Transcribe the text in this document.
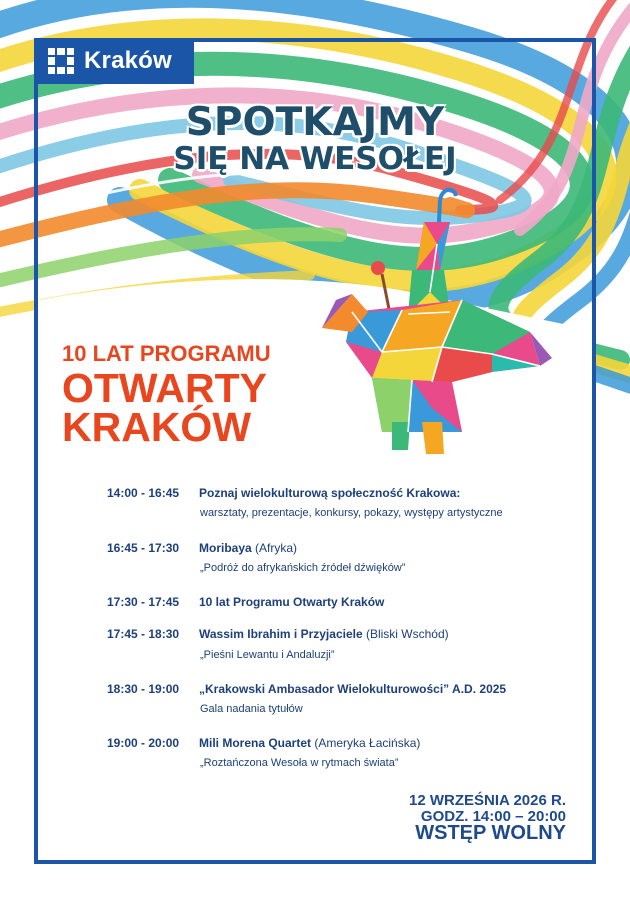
Kraków
SPOTKAJMY
SIĘ NA WESOŁEJ
10 LAT PROGRAMU
OTWARTY
KRAKÓW
14:00 - 16:45 Poznaj wielokulturową społeczność Krakowa:
warsztaty, prezentacje, konkursy, pokazy, występy artystyczne
16:45 - 17:30 Moribaya (Afryka)
„Podróż do afrykańskich źródeł dźwięków”
17:30 - 17:45 10 lat Programu Otwarty Kraków
17:45 - 18:30 Wassim Ibrahim i Przyjaciele (Bliski Wschód)
„Pieśni Lewantu i Andaluzji”
18:30 - 19:00 „Krakowski Ambasador Wielokulturowości” A.D. 2025
Gala nadania tytułów
19:00 - 20:00 Mili Morena Quartet (Ameryka Łacińska)
„Roztańczona Wesoła w rytmach świata”
12 WRZEŚNIA 2026 R.
GODZ. 14:00 – 20:00
WSTĘP WOLNY
